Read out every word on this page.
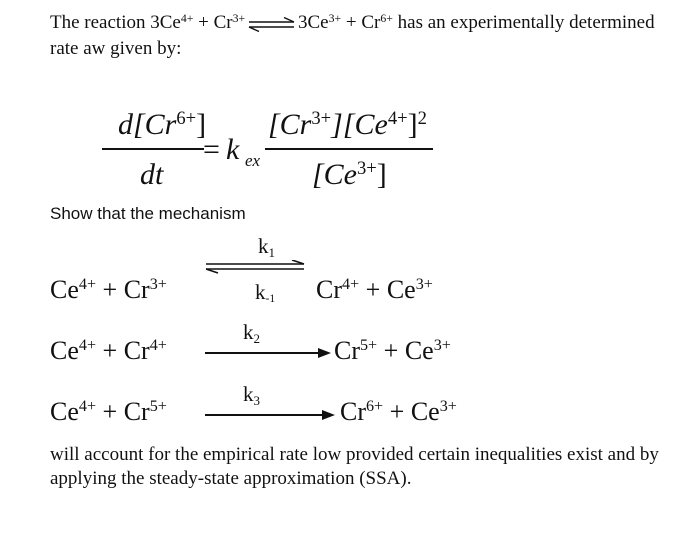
The reaction $3Ce^{4+} + Cr^{3+}$ ⇌ $3Ce^{3+} + Cr^{6+}$ has an experimentally determined
rate aw given by:
$d[Cr^{6+}]$
dt
= k ex
$[Cr^{3+}][Ce^{4+}]^2$
$[Ce^{3+}]$
Show that the mechanism
$k_1$
$Ce^{4+} + Cr^{3+}$	$k_{-1}$ $Cr^{4+} + Ce^{3+}$
$k_2$
$Ce^{4+} + Cr^{4+}$	$Cr^{5+} + Ce^{3+}$
$k_3$
$Ce^{4+} + Cr^{5+}$	$Cr^{6+} + Ce^{3+}$
will account for the empirical rate low provided certain inequalities exist and by
applying the steady-state approximation (SSA).
